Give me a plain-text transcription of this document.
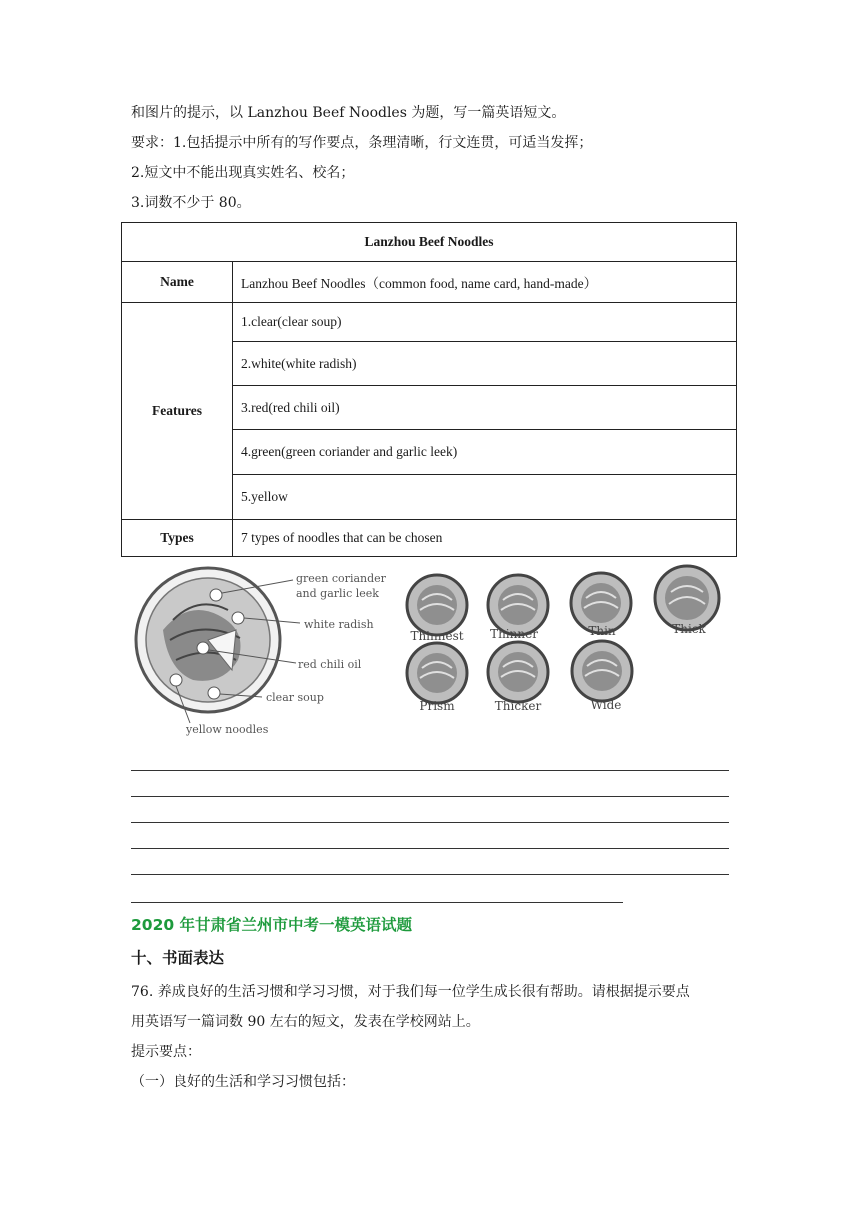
和图片的提示，以 Lanzhou Beef Noodles 为题，写一篇英语短文。
要求：1.包括提示中所有的写作要点，条理清晰，行文连贯，可适当发挥；
2.短文中不能出现真实姓名、校名；
3.词数不少于 80。
Lanzhou Beef Noodles	
Name	Lanzhou Beef Noodles（common food, name card, hand-made）
Features	1.clear(clear soup)
	2.white(white radish)
	3.red(red chili oil)
	4.green(green coriander and garlic leek)
	5.yellow
Types	7 types of noodles that can be chosen
green coriander
and garlic leek
white radish
red chili oil
clear soup
yellow noodles
Thinnest Thinner	Thin	Thick
Prism	Thicker	Wide
2020 年甘肃省兰州市中考一模英语试题
十、书面表达
76. 养成良好的生活习惯和学习习惯，对于我们每一位学生成长很有帮助。请根据提示要点
用英语写一篇词数 90 左右的短文，发表在学校网站上。
提示要点：
（一）良好的生活和学习习惯包括：
